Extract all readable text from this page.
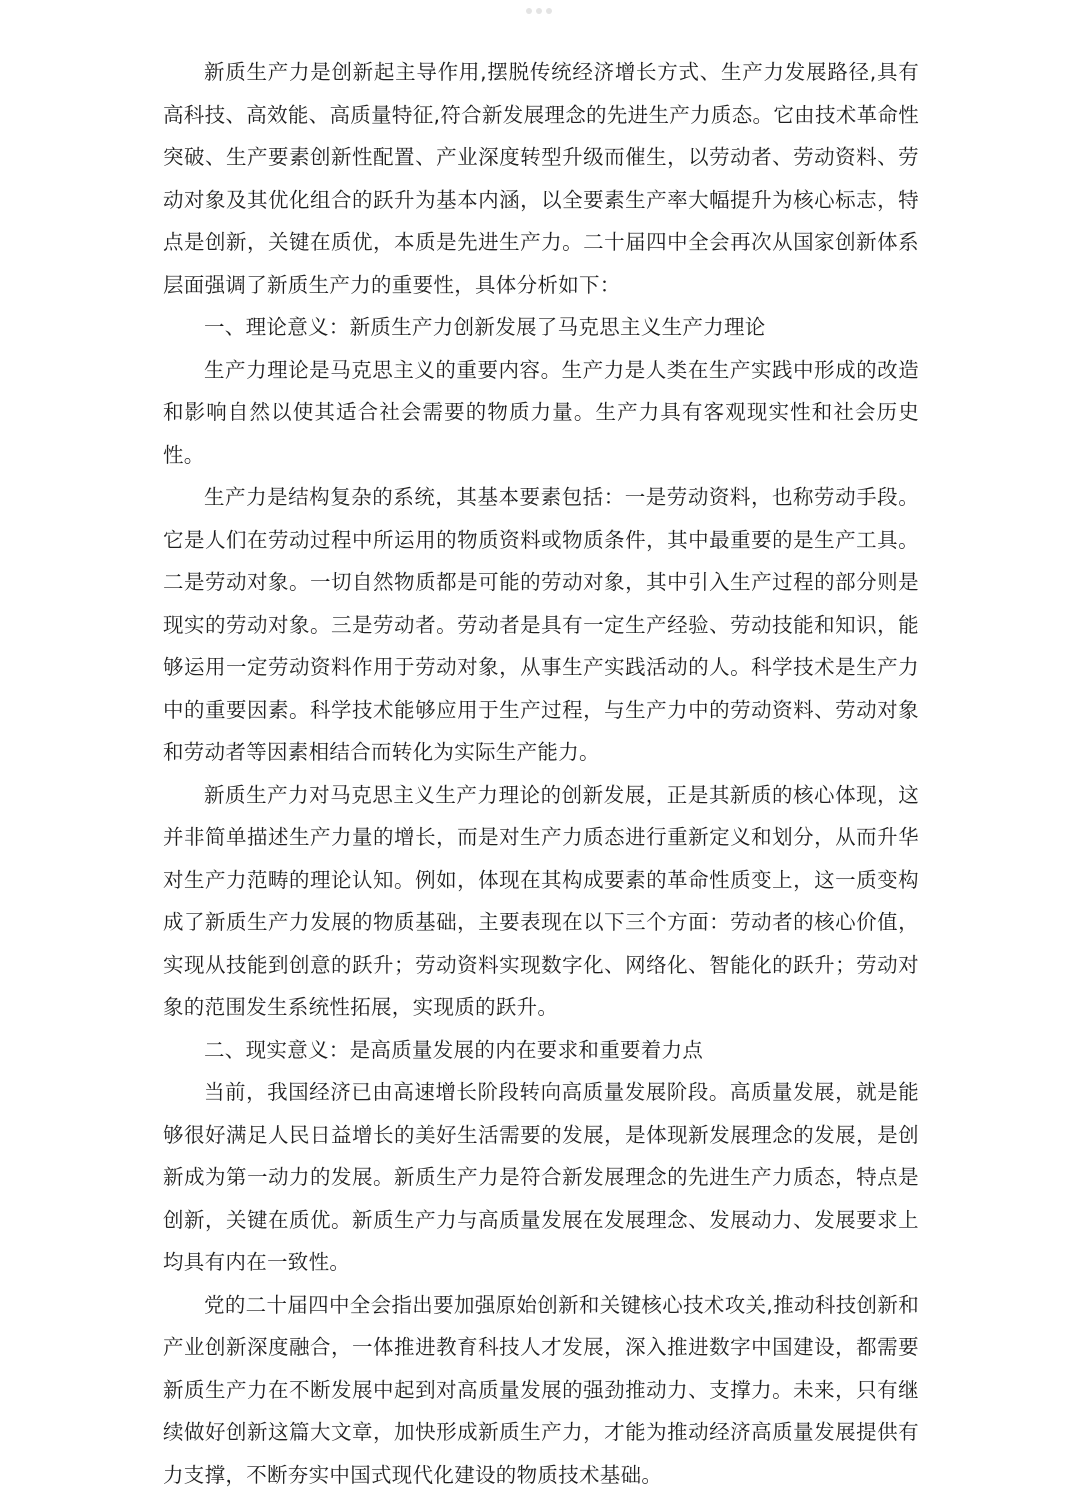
新质生产力是创新起主导作用,摆脱传统经济增长方式、生产力发展路径,具有高科技、高效能、高质量特征,符合新发展理念的先进生产力质态。它由技术革命性突破、生产要素创新性配置、产业深度转型升级而催生，以劳动者、劳动资料、劳动对象及其优化组合的跃升为基本内涵，以全要素生产率大幅提升为核心标志，特点是创新，关键在质优，本质是先进生产力。二十届四中全会再次从国家创新体系层面强调了新质生产力的重要性，具体分析如下：

一、理论意义：新质生产力创新发展了马克思主义生产力理论

生产力理论是马克思主义的重要内容。生产力是人类在生产实践中形成的改造和影响自然以使其适合社会需要的物质力量。生产力具有客观现实性和社会历史性。

生产力是结构复杂的系统，其基本要素包括：一是劳动资料，也称劳动手段。它是人们在劳动过程中所运用的物质资料或物质条件，其中最重要的是生产工具。二是劳动对象。一切自然物质都是可能的劳动对象，其中引入生产过程的部分则是现实的劳动对象。三是劳动者。劳动者是具有一定生产经验、劳动技能和知识，能够运用一定劳动资料作用于劳动对象，从事生产实践活动的人。科学技术是生产力中的重要因素。科学技术能够应用于生产过程，与生产力中的劳动资料、劳动对象和劳动者等因素相结合而转化为实际生产能力。

新质生产力对马克思主义生产力理论的创新发展，正是其新质的核心体现，这并非简单描述生产力量的增长，而是对生产力质态进行重新定义和划分，从而升华对生产力范畴的理论认知。例如，体现在其构成要素的革命性质变上，这一质变构成了新质生产力发展的物质基础，主要表现在以下三个方面：劳动者的核心价值，实现从技能到创意的跃升；劳动资料实现数字化、网络化、智能化的跃升；劳动对象的范围发生系统性拓展，实现质的跃升。

二、现实意义：是高质量发展的内在要求和重要着力点

当前，我国经济已由高速增长阶段转向高质量发展阶段。高质量发展，就是能够很好满足人民日益增长的美好生活需要的发展，是体现新发展理念的发展，是创新成为第一动力的发展。新质生产力是符合新发展理念的先进生产力质态，特点是创新，关键在质优。新质生产力与高质量发展在发展理念、发展动力、发展要求上均具有内在一致性。

党的二十届四中全会指出要加强原始创新和关键核心技术攻关,推动科技创新和产业创新深度融合，一体推进教育科技人才发展，深入推进数字中国建设，都需要新质生产力在不断发展中起到对高质量发展的强劲推动力、支撑力。未来，只有继续做好创新这篇大文章，加快形成新质生产力，才能为推动经济高质量发展提供有力支撑，不断夯实中国式现代化建设的物质技术基础。
